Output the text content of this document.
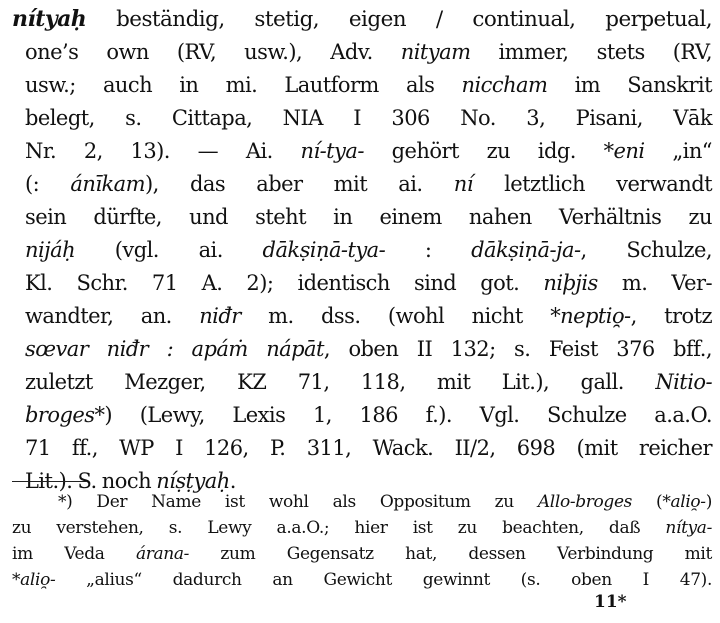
nítyaḥ beständig, stetig, eigen / continual, perpetual,
one’s own (RV, usw.), Adv. nityam immer, stets (RV,
usw.; auch in mi. Lautform als niccham im Sanskrit
belegt, s. Cittapa, NIA I 306 No. 3, Pisani, Vāk
Nr. 2, 13). — Ai. ní-tya- gehört zu idg. *eni „in“
(: ánīkam), das aber mit ai. ní letztlich verwandt
sein dürfte, und steht in einem nahen Verhältnis zu
nijáḥ (vgl. ai. dākṣiṇā-tya- : dākṣiṇā-ja-, Schulze,
Kl. Schr. 71 A. 2); identisch sind got. niþjis m. Ver-
wandter, an. niđr m. dss. (wohl nicht *neptio̯-, trotz
sœvar niđr : apáṁ nápāt, oben II 132; s. Feist 376 bff.,
zuletzt Mezger, KZ 71, 118, mit Lit.), gall. Nitio-
broges*) (Lewy, Lexis 1, 186 f.). Vgl. Schulze a.a.O.
71 ff., WP I 126, P. 311, Wack. II/2, 698 (mit reicher
Lit.). S. noch níṣṭyaḥ.
*) Der Name ist wohl als Oppositum zu Allo-broges (*alio̯-)
zu verstehen, s. Lewy a.a.O.; hier ist zu beachten, daß nítya-
im Veda árana- zum Gegensatz hat, dessen Verbindung mit
*alio̯- „alius“ dadurch an Gewicht gewinnt (s. oben I 47).
11*
